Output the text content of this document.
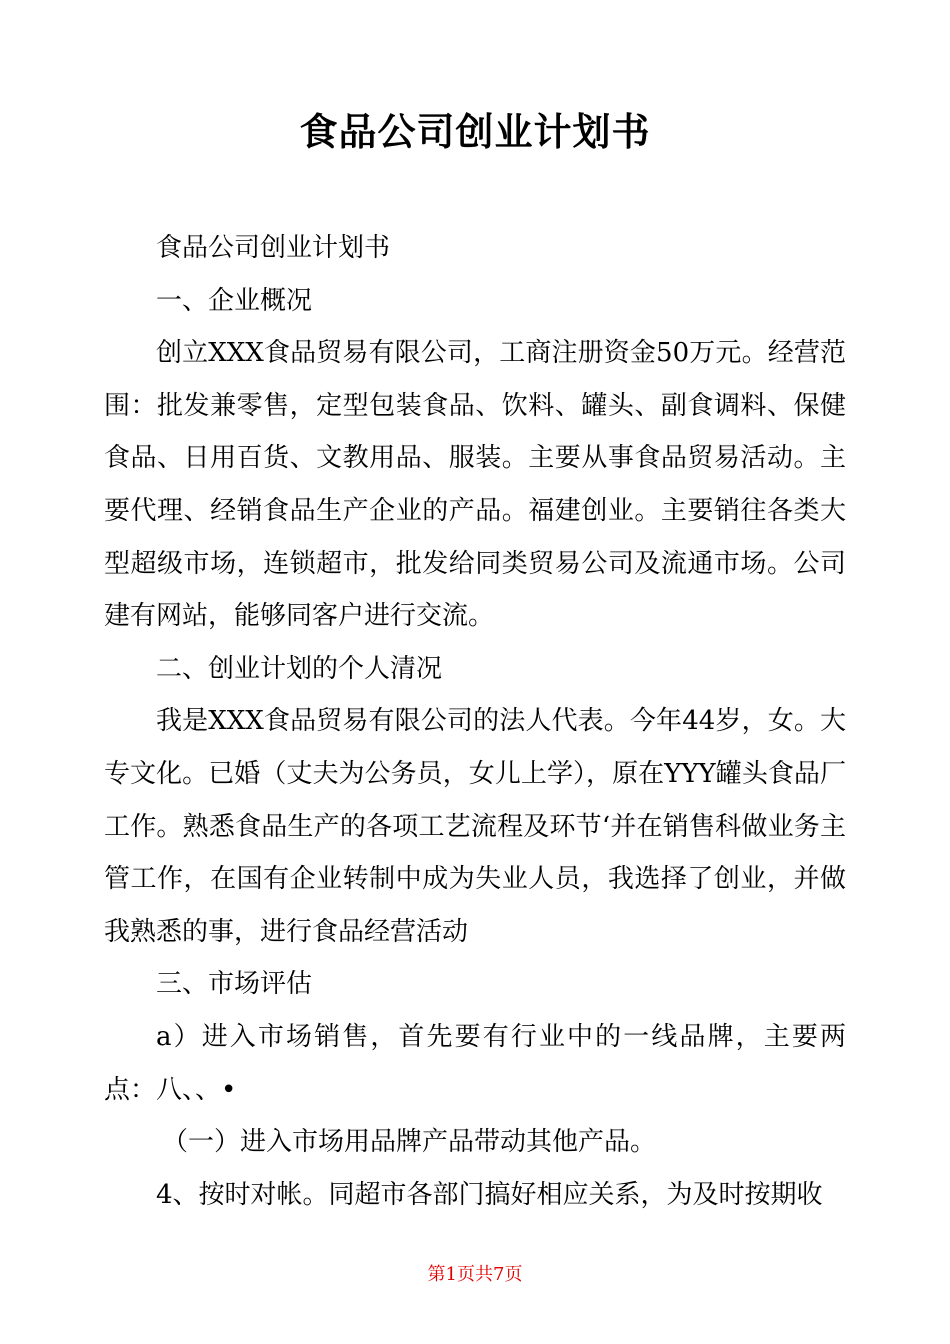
食品公司创业计划书

食品公司创业计划书

一、企业概况

创立XXX食品贸易有限公司，工商注册资金50万元。经营范围：批发兼零售，定型包装食品、饮料、罐头、副食调料、保健食品、日用百货、文教用品、服装。主要从事食品贸易活动。主要代理、经销食品生产企业的产品。福建创业。主要销往各类大型超级市场，连锁超市，批发给同类贸易公司及流通市场。公司建有网站，能够同客户进行交流。

二、创业计划的个人清况

我是XXX食品贸易有限公司的法人代表。今年44岁，女。大专文化。已婚（丈夫为公务员，女儿上学），原在YYY罐头食品厂工作。熟悉食品生产的各项工艺流程及环节‘并在销售科做业务主管工作，在国有企业转制中成为失业人员，我选择了创业，并做我熟悉的事，进行食品经营活动

三、市场评估

a）进入市场销售，首先要有行业中的一线品牌，主要两点：八、、•

（一）进入市场用品牌产品带动其他产品。

4、按时对帐。同超市各部门搞好相应关系，为及时按期收

第1页共7页
